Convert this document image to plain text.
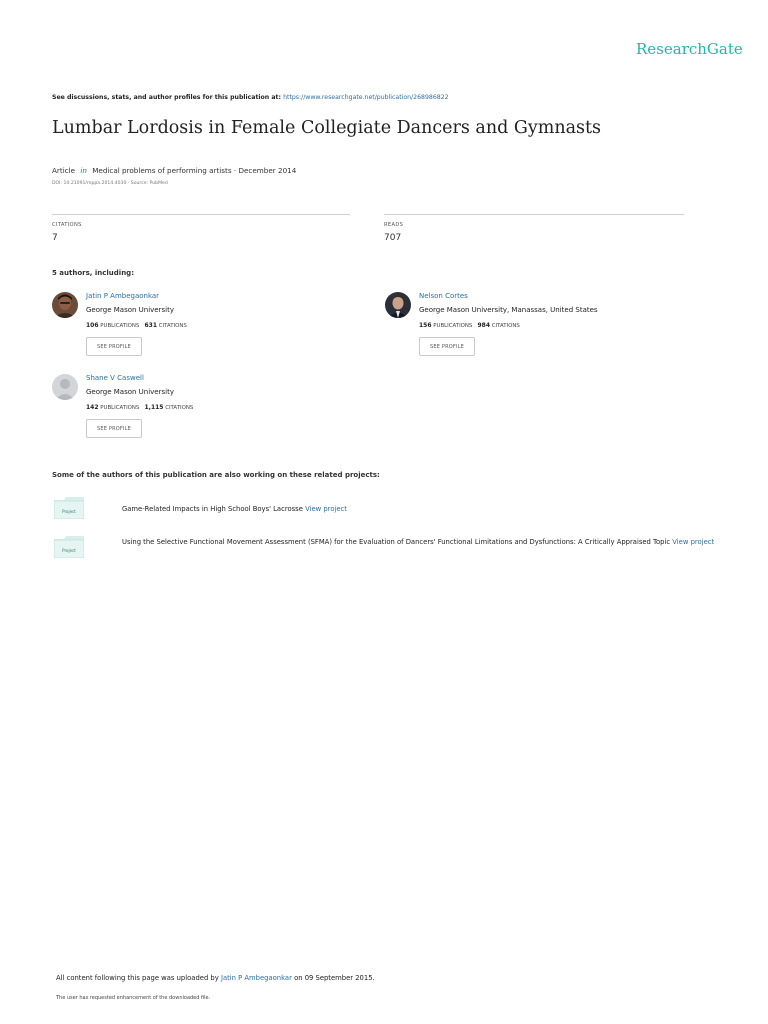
ResearchGate
See discussions, stats, and author profiles for this publication at: https://www.researchgate.net/publication/268986822
Lumbar Lordosis in Female Collegiate Dancers and Gymnasts
Article in Medical problems of performing artists · December 2014
DOI: 10.21091/mppa.2014.4030 · Source: PubMed
CITATIONS
7
READS
707
5 authors, including:
Jatin P Ambegaonkar
George Mason University
106 PUBLICATIONS 631 CITATIONS
SEE PROFILE
Nelson Cortes
George Mason University, Manassas, United States
156 PUBLICATIONS 984 CITATIONS
SEE PROFILE
Shane V Caswell
George Mason University
142 PUBLICATIONS 1,115 CITATIONS
SEE PROFILE
Some of the authors of this publication are also working on these related projects:
Project	Game-Related Impacts in High School Boys' Lacrosse View project
Project
Using the Selective Functional Movement Assessment (SFMA) for the Evaluation of Dancers' Functional Limitations and Dysfunctions: A Critically Appraised Topic View project
All content following this page was uploaded by Jatin P Ambegaonkar on 09 September 2015.
The user has requested enhancement of the downloaded file.
